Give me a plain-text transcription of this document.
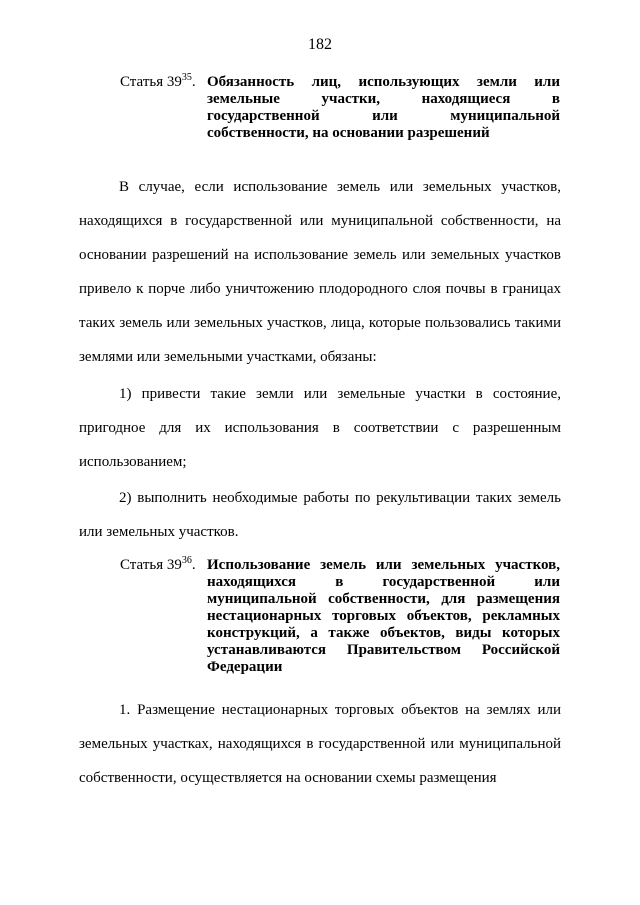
182
Статья $39^{35}$. Обязанность лиц, использующих земли или земельные участки, находящиеся в государственной или муниципальной собственности, на основании разрешений
В случае, если использование земель или земельных участков, находящихся в государственной или муниципальной собственности, на основании разрешений на использование земель или земельных участков привело к порче либо уничтожению плодородного слоя почвы в границах таких земель или земельных участков, лица, которые пользовались такими землями или земельными участками, обязаны:
1) привести такие земли или земельные участки в состояние, пригодное для их использования в соответствии с разрешенным использованием;
2) выполнить необходимые работы по рекультивации таких земель или земельных участков.
Статья $39^{36}$. Использование земель или земельных участков, находящихся в государственной или муниципальной собственности, для размещения нестационарных торговых объектов, рекламных конструкций, а также объектов, виды которых устанавливаются Правительством Российской Федерации
1. Размещение нестационарных торговых объектов на землях или земельных участках, находящихся в государственной или муниципальной собственности, осуществляется на основании схемы размещения
